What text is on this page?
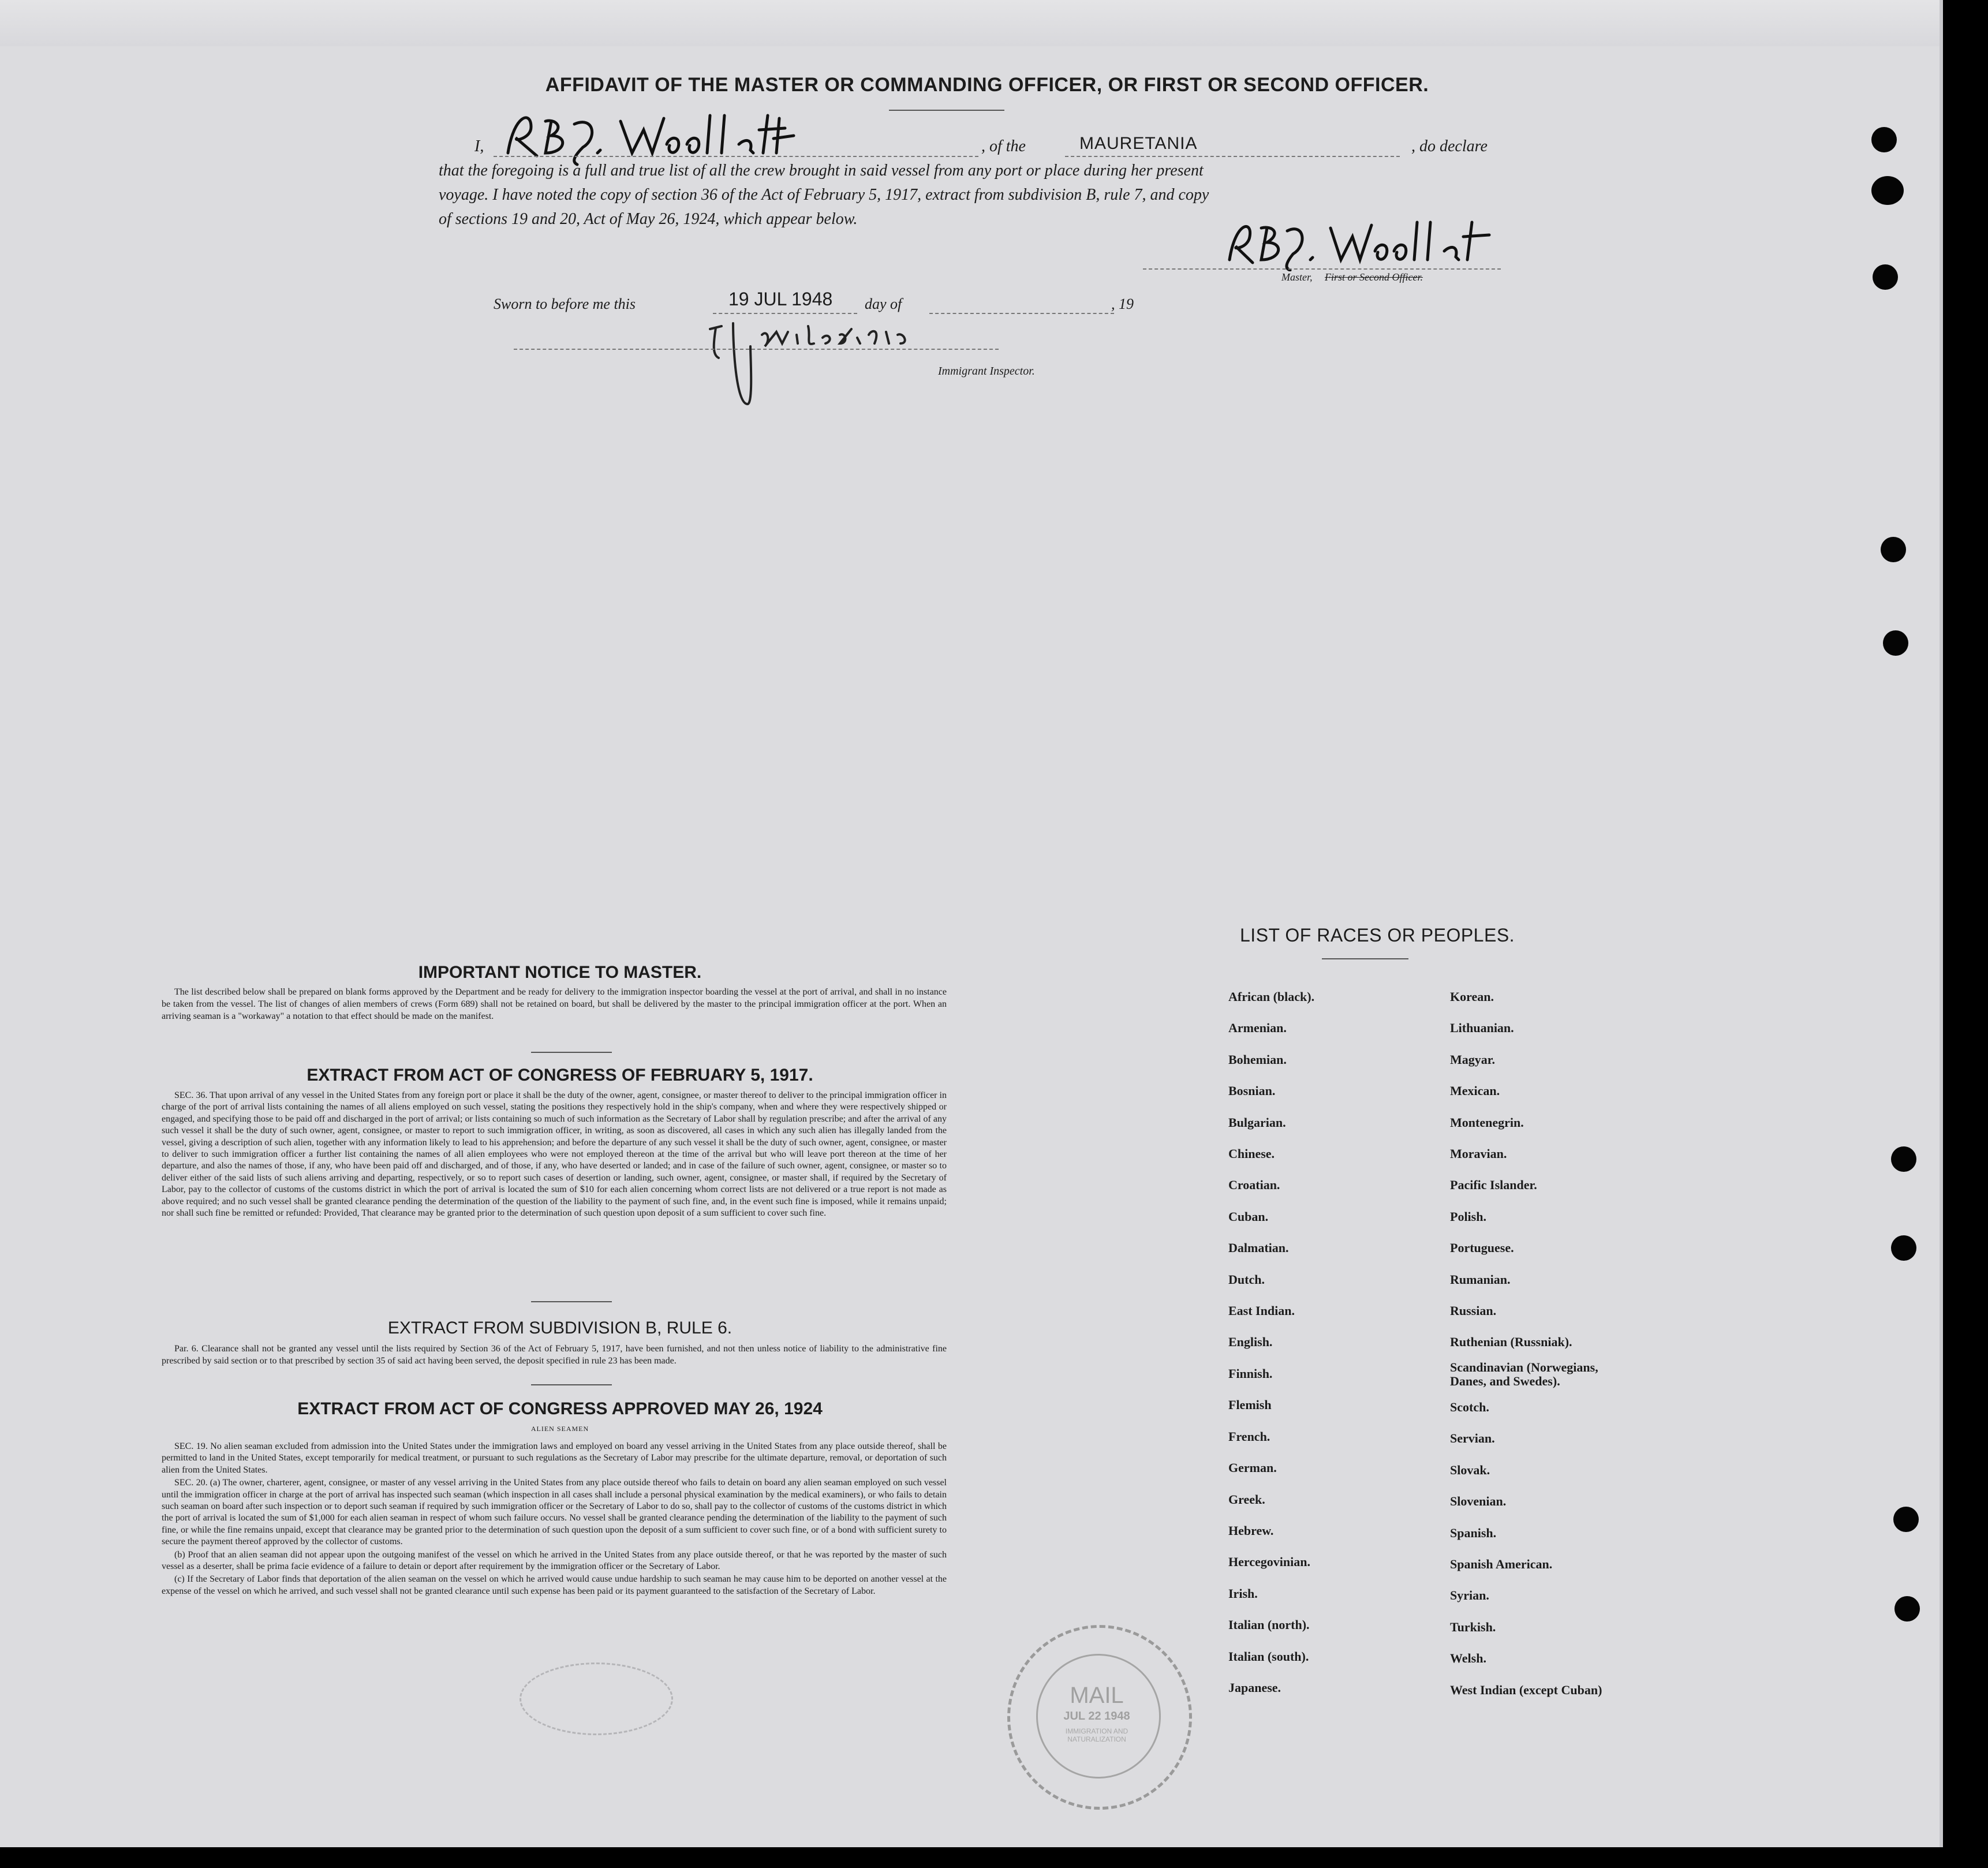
AFFIDAVIT OF THE MASTER OR COMMANDING OFFICER, OR FIRST OR SECOND OFFICER.
I,	, of the	MAURETANIA	, do declare
that the foregoing is a full and true list of all the crew brought in said vessel from any port or place during her present
voyage. I have noted the copy of section 36 of the Act of February 5, 1917, extract from subdivision B, rule 7, and copy
of sections 19 and 20, Act of May 26, 1924, which appear below.
Master, First or Second Officer.
Sworn to before me this	19 JUL 1948 day of	, 19
Immigrant Inspector.
IMPORTANT NOTICE TO MASTER.

The list described below shall be prepared on blank forms approved by the Department and be ready for delivery to the immigration inspector boarding the vessel at the port of arrival, and shall in no instance be taken from the vessel. The list of changes of alien members of crews (Form 689) shall not be retained on board, but shall be delivered by the master to the principal immigration officer at the port. When an arriving seaman is a "workaway" a notation to that effect should be made on the manifest.

EXTRACT FROM ACT OF CONGRESS OF FEBRUARY 5, 1917.

SEC. 36. That upon arrival of any vessel in the United States from any foreign port or place it shall be the duty of the owner, agent, consignee, or master thereof to deliver to the principal immigration officer in charge of the port of arrival lists containing the names of all aliens employed on such vessel, stating the positions they respectively hold in the ship's company, when and where they were respectively shipped or engaged, and specifying those to be paid off and discharged in the port of arrival; or lists containing so much of such information as the Secretary of Labor shall by regulation prescribe; and after the arrival of any such vessel it shall be the duty of such owner, agent, consignee, or master to report to such immigration officer, in writing, as soon as discovered, all cases in which any such alien has illegally landed from the vessel, giving a description of such alien, together with any information likely to lead to his apprehension; and before the departure of any such vessel it shall be the duty of such owner, agent, consignee, or master to deliver to such immigration officer a further list containing the names of all alien employees who were not employed thereon at the time of the arrival but who will leave port thereon at the time of her departure, and also the names of those, if any, who have been paid off and discharged, and of those, if any, who have deserted or landed; and in case of the failure of such owner, agent, consignee, or master so to deliver either of the said lists of such aliens arriving and departing, respectively, or so to report such cases of desertion or landing, such owner, agent, consignee, or master shall, if required by the Secretary of Labor, pay to the collector of customs of the customs district in which the port of arrival is located the sum of $10 for each alien concerning whom correct lists are not delivered or a true report is not made as above required; and no such vessel shall be granted clearance pending the determination of the question of the liability to the payment of such fine, and, in the event such fine is imposed, while it remains unpaid; nor shall such fine be remitted or refunded: Provided, That clearance may be granted prior to the determination of such question upon deposit of a sum sufficient to cover such fine.

EXTRACT FROM SUBDIVISION B, RULE 6.

Par. 6. Clearance shall not be granted any vessel until the lists required by Section 36 of the Act of February 5, 1917, have been furnished, and not then unless notice of liability to the administrative fine prescribed by said section or to that prescribed by section 35 of said act having been served, the deposit specified in rule 23 has been made.

EXTRACT FROM ACT OF CONGRESS APPROVED MAY 26, 1924
ALIEN SEAMEN

SEC. 19. No alien seaman excluded from admission into the United States under the immigration laws and employed on board any vessel arriving in the United States from any place outside thereof, shall be permitted to land in the United States, except temporarily for medical treatment, or pursuant to such regulations as the Secretary of Labor may prescribe for the ultimate departure, removal, or deportation of such alien from the United States.

SEC. 20. (a) The owner, charterer, agent, consignee, or master of any vessel arriving in the United States from any place outside thereof who fails to detain on board any alien seaman employed on such vessel until the immigration officer in charge at the port of arrival has inspected such seaman (which inspection in all cases shall include a personal physical examination by the medical examiners), or who fails to detain such seaman on board after such inspection or to deport such seaman if required by such immigration officer or the Secretary of Labor to do so, shall pay to the collector of customs of the customs district in which the port of arrival is located the sum of $1,000 for each alien seaman in respect of whom such failure occurs. No vessel shall be granted clearance pending the determination of the liability to the payment of such fine, or while the fine remains unpaid, except that clearance may be granted prior to the determination of such question upon the deposit of a sum sufficient to cover such fine, or of a bond with sufficient surety to secure the payment thereof approved by the collector of customs.

(b) Proof that an alien seaman did not appear upon the outgoing manifest of the vessel on which he arrived in the United States from any place outside thereof, or that he was reported by the master of such vessel as a deserter, shall be prima facie evidence of a failure to detain or deport after requirement by the immigration officer or the Secretary of Labor.

(c) If the Secretary of Labor finds that deportation of the alien seaman on the vessel on which he arrived would cause undue hardship to such seaman he may cause him to be deported on another vessel at the expense of the vessel on which he arrived, and such vessel shall not be granted clearance until such expense has been paid or its payment guaranteed to the satisfaction of the Secretary of Labor.

LIST OF RACES OR PEOPLES.
African (black).
Armenian.
Bohemian.
Bosnian.
Bulgarian.
Chinese.
Croatian.
Cuban.
Dalmatian.
Dutch.
East Indian.
English.
Finnish.
Flemish
French.
German.
Greek.
Hebrew.
Hercegovinian.
Irish.
Italian (north).
Italian (south).
Japanese.
Korean.
Lithuanian.
Magyar.
Mexican.
Montenegrin.
Moravian.
Pacific Islander.
Polish.
Portuguese.
Rumanian.
Russian.
Ruthenian (Russniak).
Scandinavian (Norwegians, Danes, and Swedes).
Scotch.
Servian.
Slovak.
Slovenian.
Spanish.
Spanish American.
Syrian.
Turkish.
Welsh.
West Indian (except Cuban)
MAIL
JUL 22 1948
IMMIGRATION AND NATURALIZATION
